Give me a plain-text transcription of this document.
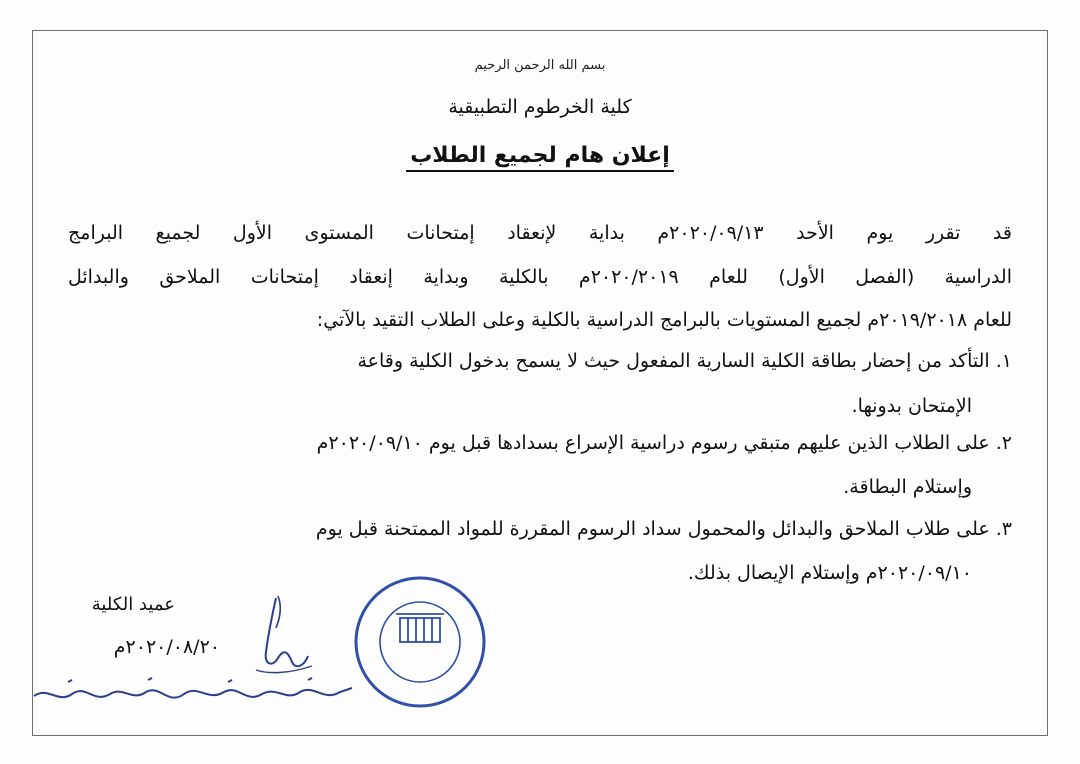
بسم الله الرحمن الرحيم
كلية الخرطوم التطبيقية
إعلان هام لجميع الطلاب
قد تقرر يوم الأحد ٢٠٢٠/٠٩/١٣م بداية لإنعقاد إمتحانات المستوى الأول لجميع البرامج
الدراسية (الفصل الأول) للعام ٢٠٢٠/٢٠١٩م بالكلية وبداية إنعقاد إمتحانات الملاحق والبدائل
للعام ٢٠١٩/٢٠١٨م لجميع المستويات بالبرامج الدراسية بالكلية وعلى الطلاب التقيد بالآتي:
١. التأكد من إحضار بطاقة الكلية السارية المفعول حيث لا يسمح بدخول الكلية وقاعة
الإمتحان بدونها.
٢. على الطلاب الذين عليهم متبقي رسوم دراسية الإسراع بسدادها قبل يوم ٢٠٢٠/٠٩/١٠م
وإستلام البطاقة.
٣. على طلاب الملاحق والبدائل والمحمول سداد الرسوم المقررة للمواد الممتحنة قبل يوم
٢٠٢٠/٠٩/١٠م وإستلام الإيصال بذلك.
عميد الكلية
٢٠٢٠/٠٨/٢٠م
